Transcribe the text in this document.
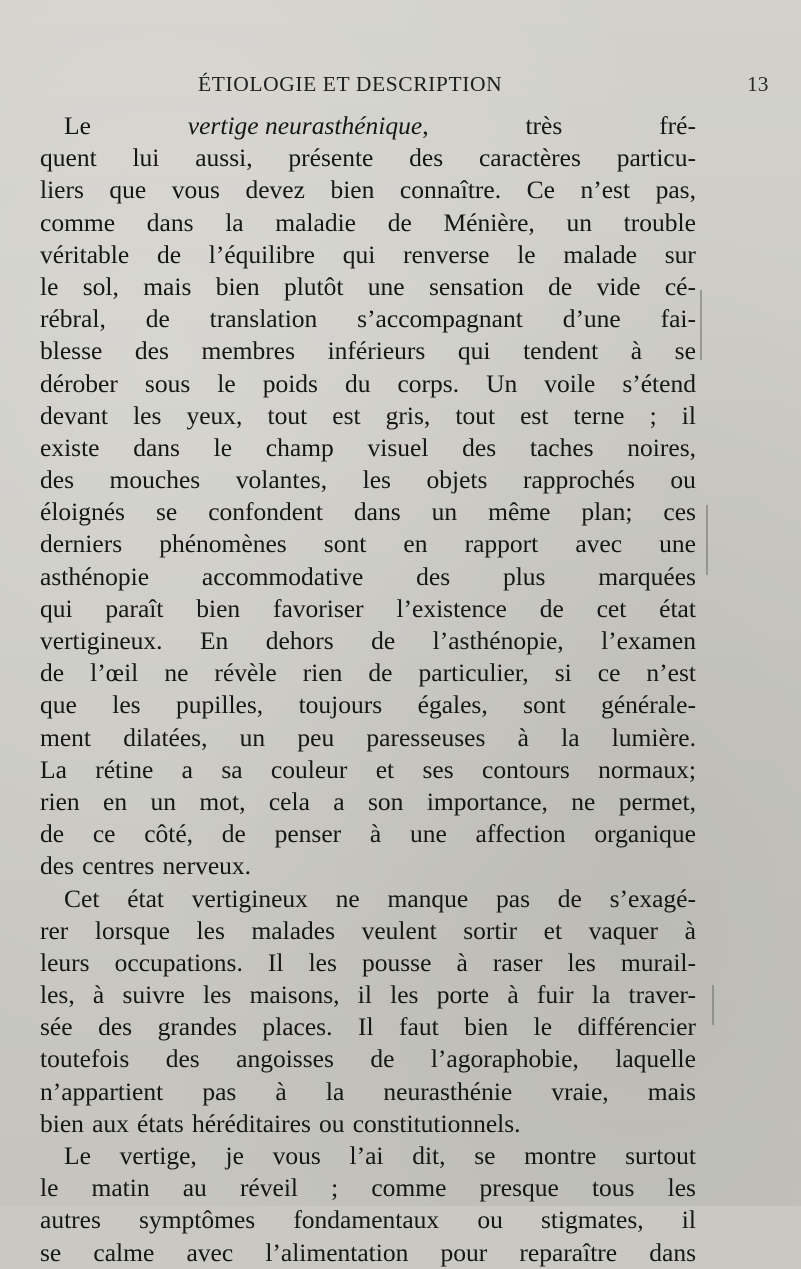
ÉTIOLOGIE ET DESCRIPTION	13
Le	vertige neurasthénique,	très	fré-
quent lui aussi, présente des caractères particu-
liers que vous devez bien connaître. Ce n’est pas,
comme dans la maladie de Ménière, un trouble
véritable de l’équilibre qui renverse le malade sur
le sol, mais bien plutôt une sensation de vide cé-
rébral, de translation s’accompagnant d’une fai-
blesse des membres inférieurs qui tendent à se
dérober sous le poids du corps. Un voile s’étend
devant les yeux, tout est gris, tout est terne ; il
existe dans le champ visuel des taches noires,
des mouches volantes, les objets rapprochés ou
éloignés se confondent dans un même plan; ces
derniers phénomènes sont en rapport avec une
asthénopie accommodative des plus marquées
qui paraît bien favoriser l’existence de cet état
vertigineux. En dehors de l’asthénopie, l’examen
de l’œil ne révèle rien de particulier, si ce n’est
que les pupilles, toujours égales, sont générale-
ment dilatées, un peu paresseuses à la lumière.
La rétine a sa couleur et ses contours normaux;
rien en un mot, cela a son importance, ne permet,
de ce côté, de penser à une affection organique
des centres nerveux.
Cet état vertigineux ne manque pas de s’exagé-
rer lorsque les malades veulent sortir et vaquer à
leurs occupations. Il les pousse à raser les murail-
les, à suivre les maisons, il les porte à fuir la traver-
sée des grandes places. Il faut bien le différencier
toutefois des angoisses de l’agoraphobie, laquelle
n’appartient pas à la neurasthénie vraie, mais
bien aux états héréditaires ou constitutionnels.
Le vertige, je vous l’ai dit, se montre surtout
le matin au réveil ; comme presque tous les
autres symptômes fondamentaux ou stigmates, il
se calme avec l’alimentation pour reparaître dans
